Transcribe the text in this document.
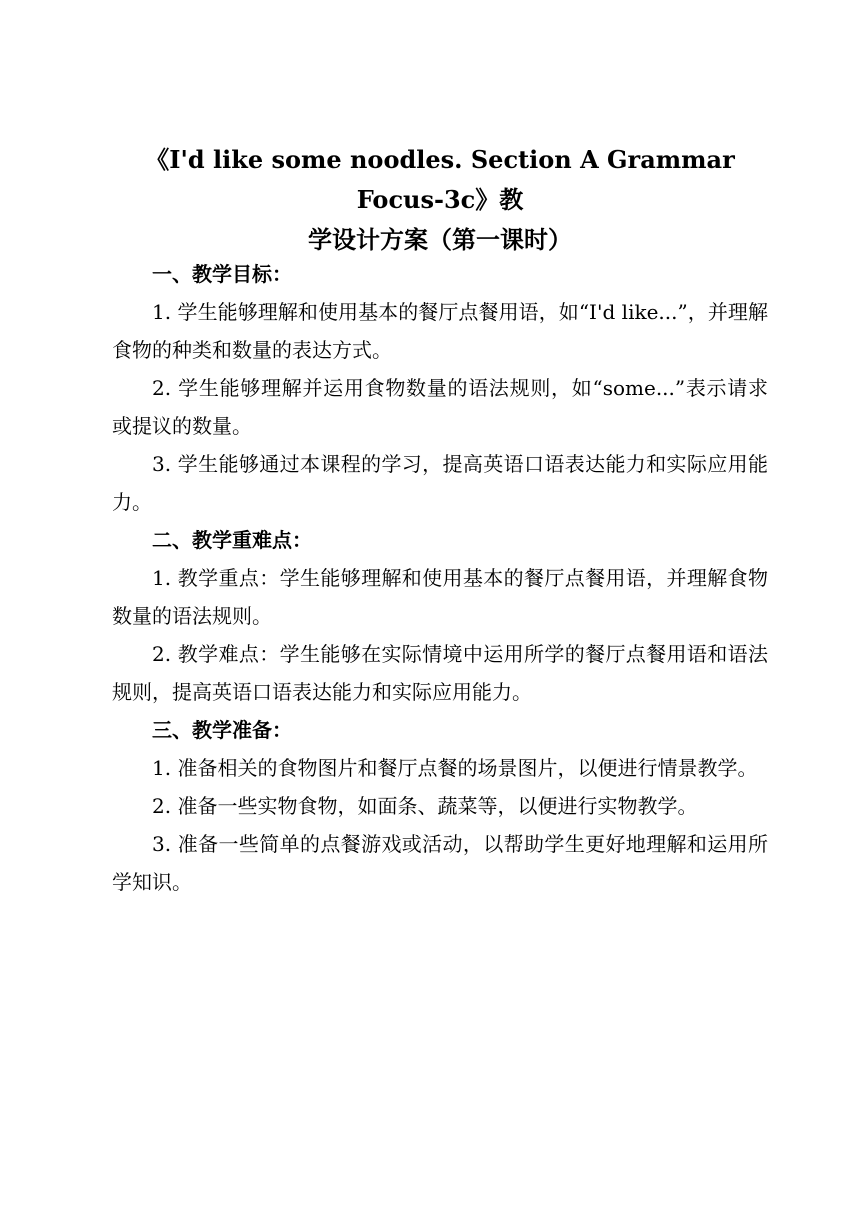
《I'd like some noodles. Section A Grammar Focus-3c》教
学设计方案（第一课时）

一、教学目标：

1. 学生能够理解和使用基本的餐厅点餐用语，如“I'd like...”，并理解食物的种类和数量的表达方式。

2. 学生能够理解并运用食物数量的语法规则，如“some...”表示请求或提议的数量。

3. 学生能够通过本课程的学习，提高英语口语表达能力和实际应用能力。

二、教学重难点：

1. 教学重点：学生能够理解和使用基本的餐厅点餐用语，并理解食物数量的语法规则。

2. 教学难点：学生能够在实际情境中运用所学的餐厅点餐用语和语法规则，提高英语口语表达能力和实际应用能力。

三、教学准备：

1. 准备相关的食物图片和餐厅点餐的场景图片，以便进行情景教学。

2. 准备一些实物食物，如面条、蔬菜等，以便进行实物教学。

3. 准备一些简单的点餐游戏或活动，以帮助学生更好地理解和运用所学知识。
